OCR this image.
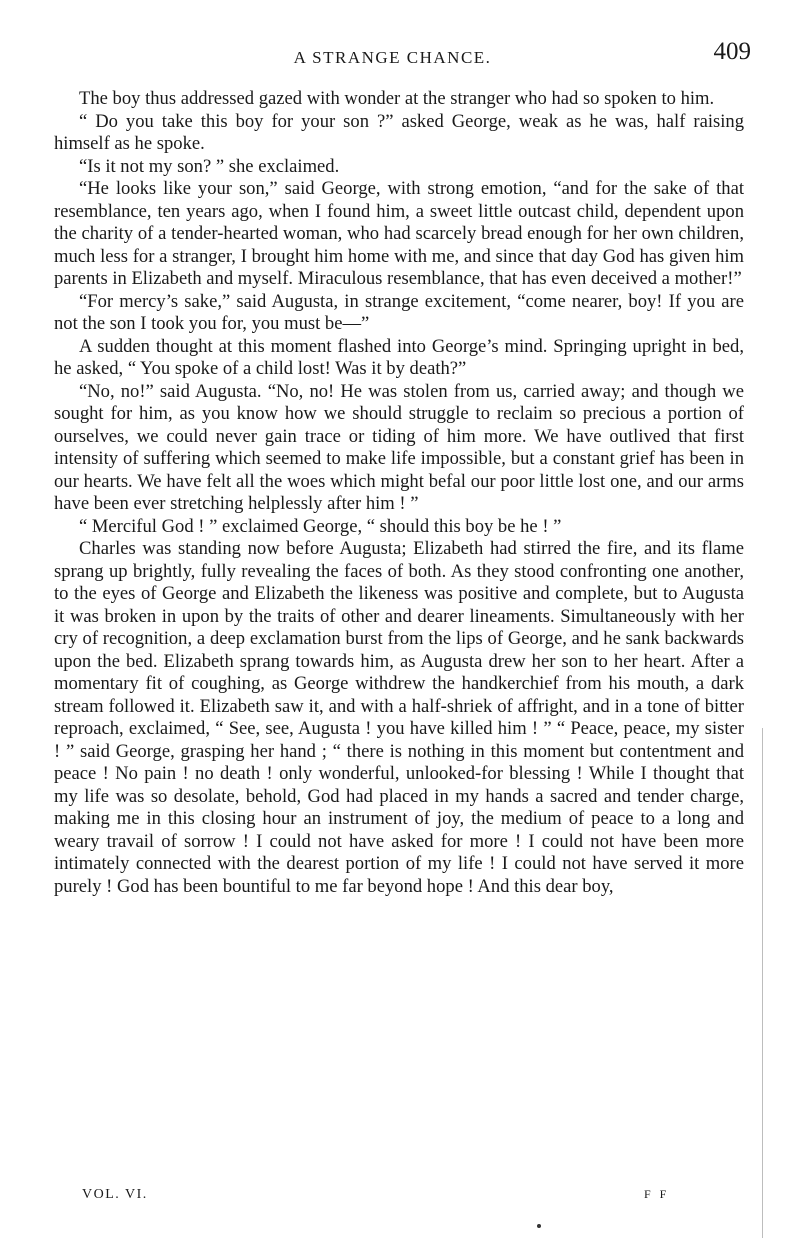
A STRANGE CHANCE.	409

The boy thus addressed gazed with wonder at the stranger who had so spoken to him.

“ Do you take this boy for your son ?” asked George, weak as he was, half raising himself as he spoke.

“Is it not my son? ” she exclaimed.

“He looks like your son,” said George, with strong emotion, “and for the sake of that resemblance, ten years ago, when I found him, a sweet little outcast child, dependent upon the charity of a tender-hearted woman, who had scarcely bread enough for her own children, much less for a stranger, I brought him home with me, and since that day God has given him parents in Elizabeth and myself. Miraculous resemblance, that has even deceived a mother!”

“For mercy’s sake,” said Augusta, in strange excitement, “come nearer, boy! If you are not the son I took you for, you must be—”

A sudden thought at this moment flashed into George’s mind. Springing upright in bed, he asked, “ You spoke of a child lost! Was it by death?”

“No, no!” said Augusta. “No, no! He was stolen from us, carried away; and though we sought for him, as you know how we should struggle to reclaim so precious a portion of ourselves, we could never gain trace or tiding of him more. We have outlived that first intensity of suffering which seemed to make life impossible, but a constant grief has been in our hearts. We have felt all the woes which might befal our poor little lost one, and our arms have been ever stretching helplessly after him ! ”

“ Merciful God ! ” exclaimed George, “ should this boy be he ! ”

Charles was standing now before Augusta; Elizabeth had stirred the fire, and its flame sprang up brightly, fully revealing the faces of both. As they stood confronting one another, to the eyes of George and Elizabeth the likeness was positive and complete, but to Augusta it was broken in upon by the traits of other and dearer lineaments. Simultaneously with her cry of recognition, a deep exclamation burst from the lips of George, and he sank backwards upon the bed. Elizabeth sprang towards him, as Augusta drew her son to her heart. After a momentary fit of coughing, as George withdrew the handkerchief from his mouth, a dark stream followed it. Elizabeth saw it, and with a half-shriek of affright, and in a tone of bitter reproach, exclaimed, “ See, see, Augusta ! you have killed him ! ” “ Peace, peace, my sister ! ” said George, grasping her hand ; “ there is nothing in this moment but contentment and peace ! No pain ! no death ! only wonderful, unlooked-for blessing ! While I thought that my life was so desolate, behold, God had placed in my hands a sacred and tender charge, making me in this closing hour an instrument of joy, the medium of peace to a long and weary travail of sorrow ! I could not have asked for more ! I could not have been more intimately connected with the dearest portion of my life ! I could not have served it more purely ! God has been bountiful to me far beyond hope ! And this dear boy,

VOL. VI.	F F
